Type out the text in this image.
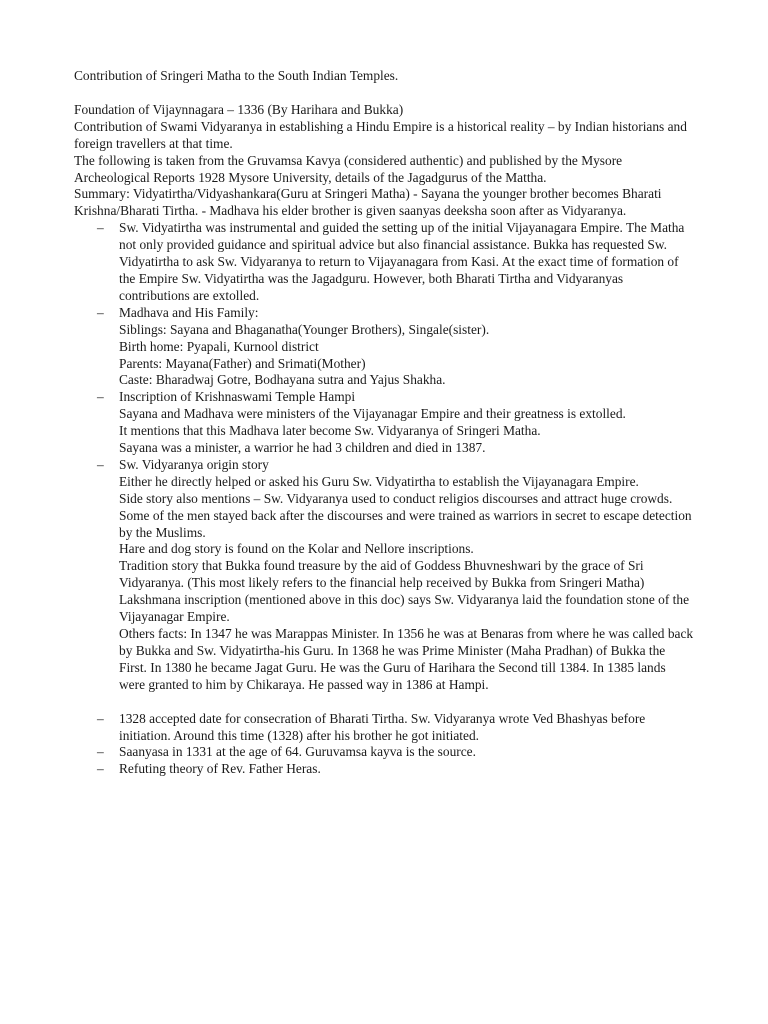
Contribution of Sringeri Matha to the South Indian Temples.

Foundation of Vijaynnagara – 1336 (By Harihara and Bukka)

Contribution of Swami Vidyaranya in establishing a Hindu Empire is a historical reality – by Indian historians and foreign travellers at that time.

The following is taken from the Gruvamsa Kavya (considered authentic) and published by the Mysore Archeological Reports 1928 Mysore University, details of the Jagadgurus of the Mattha.

Summary: Vidyatirtha/Vidyashankara(Guru at Sringeri Matha) - Sayana the younger brother becomes Bharati Krishna/Bharati Tirtha. - Madhava his elder brother is given saanyas deeksha soon after as Vidyaranya.

– Sw. Vidyatirtha was instrumental and guided the setting up of the initial Vijayanagara Empire. The Matha not only provided guidance and spiritual advice but also financial assistance. Bukka has requested Sw. Vidyatirtha to ask Sw. Vidyaranya to return to Vijayanagara from Kasi. At the exact time of formation of the Empire Sw. Vidyatirtha was the Jagadguru. However, both Bharati Tirtha and Vidyaranyas contributions are extolled.
– Madhava and His Family:
Siblings: Sayana and Bhaganatha(Younger Brothers), Singale(sister).
Birth home: Pyapali, Kurnool district
Parents: Mayana(Father) and Srimati(Mother)
Caste: Bharadwaj Gotre, Bodhayana sutra and Yajus Shakha.
– Inscription of Krishnaswami Temple Hampi
Sayana and Madhava were ministers of the Vijayanagar Empire and their greatness is extolled.
It mentions that this Madhava later become Sw. Vidyaranya of Sringeri Matha.
Sayana was a minister, a warrior he had 3 children and died in 1387.
– Sw. Vidyaranya origin story
Either he directly helped or asked his Guru Sw. Vidyatirtha to establish the Vijayanagara Empire.
Side story also mentions – Sw. Vidyaranya used to conduct religios discourses and attract huge crowds. Some of the men stayed back after the discourses and were trained as warriors in secret to escape detection by the Muslims.
Hare and dog story is found on the Kolar and Nellore inscriptions.
Tradition story that Bukka found treasure by the aid of Goddess Bhuvneshwari by the grace of Sri Vidyaranya. (This most likely refers to the financial help received by Bukka from Sringeri Matha)
Lakshmana inscription (mentioned above in this doc) says Sw. Vidyaranya laid the foundation stone of the Vijayanagar Empire.
Others facts: In 1347 he was Marappas Minister. In 1356 he was at Benaras from where he was called back by Bukka and Sw. Vidyatirtha-his Guru. In 1368 he was Prime Minister (Maha Pradhan) of Bukka the First. In 1380 he became Jagat Guru. He was the Guru of Harihara the Second till 1384. In 1385 lands were granted to him by Chikaraya. He passed way in 1386 at Hampi.
– 1328 accepted date for consecration of Bharati Tirtha. Sw. Vidyaranya wrote Ved Bhashyas before initiation. Around this time (1328) after his brother he got initiated.
– Saanyasa in 1331 at the age of 64. Guruvamsa kayva is the source.
– Refuting theory of Rev. Father Heras.
